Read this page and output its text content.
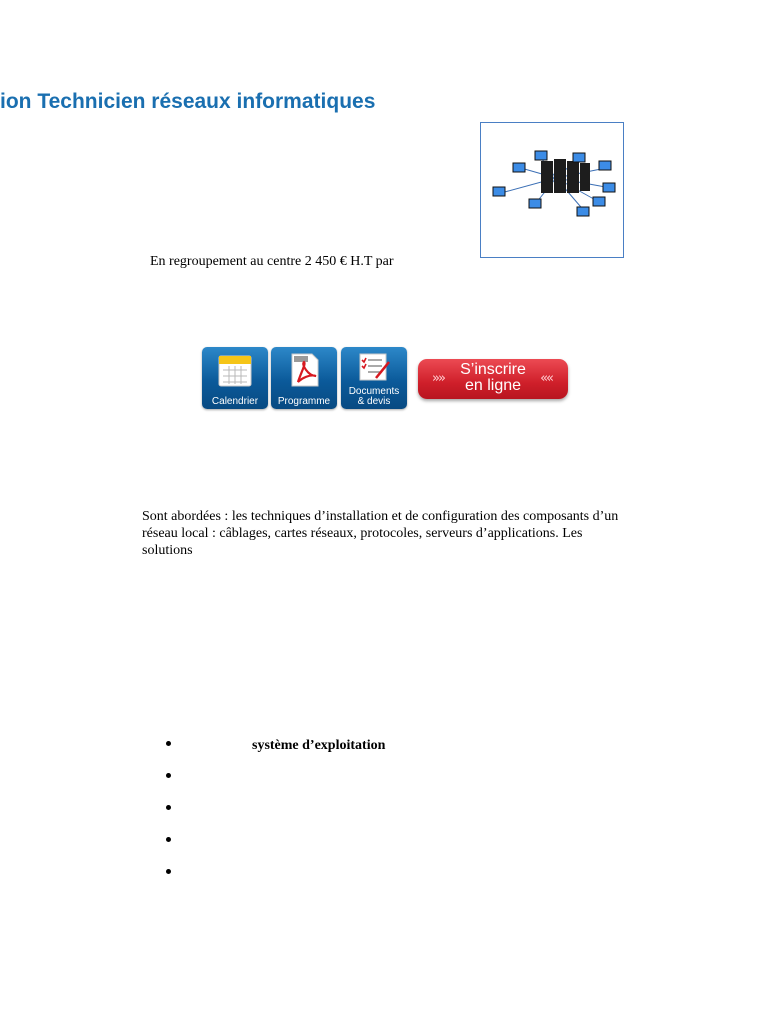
ion Technicien réseaux informatiques
En regroupement au centre 2 450 € H.T par
Calendrier	Programme
Documents
& devis
»»
S’inscrire
en ligne	««

Sont abordées : les techniques d’installation et de configuration des composants d’un réseau local : câblages, cartes réseaux, protocoles, serveurs d’applications. Les solutions

système d’exploitation
